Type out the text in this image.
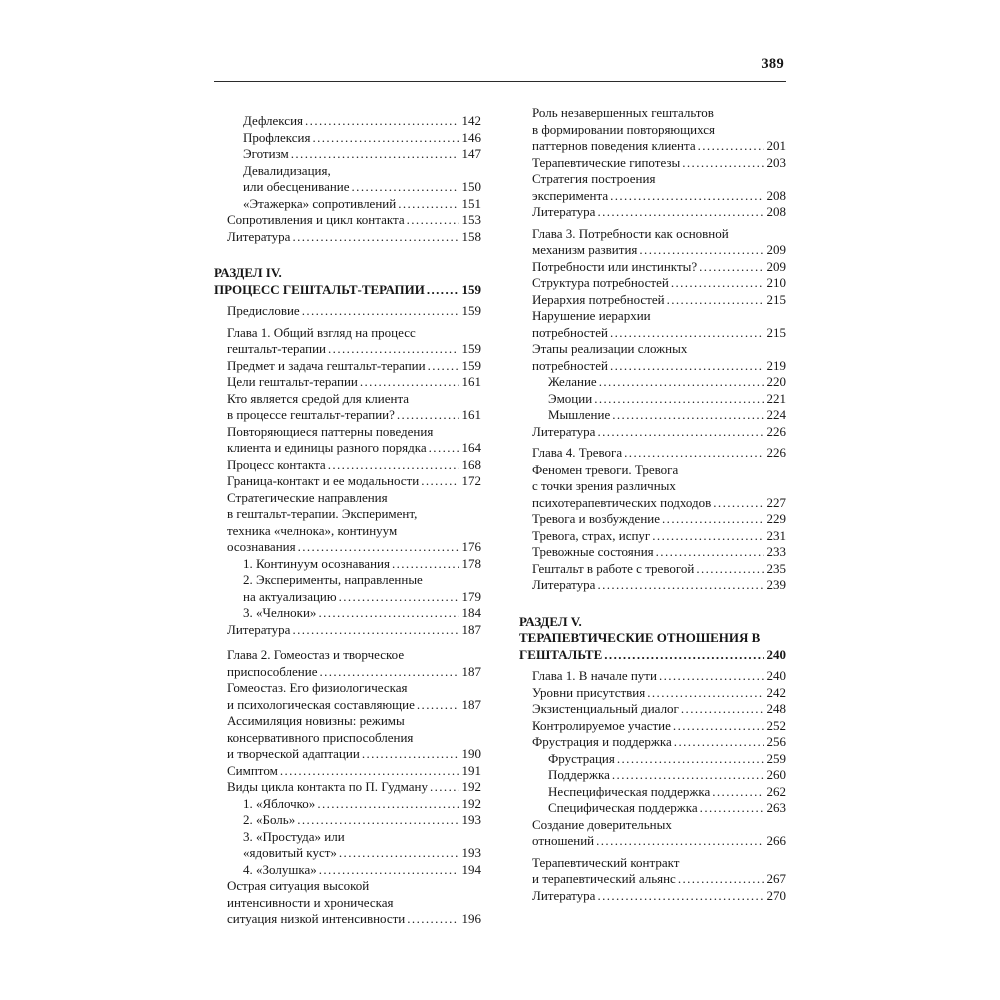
389
Дефлексия .....	142
Профлексия .....	146
Эготизм .....	147
Девалидизация,
или обесценивание .....	150
«Этажерка» сопротивлений .....	151
Сопротивления и цикл контакта .....	153
Литература .....	158
РАЗДЕЛ IV.
ПРОЦЕСС ГЕШТАЛЬТ-ТЕРАПИИ .....	159
Предисловие .....	159
Глава 1. Общий взгляд на процесс
гештальт-терапии .....	159
Предмет и задача гештальт-терапии .....	159
Цели гештальт-терапии .....	161
Кто является средой для клиента
в процессе гештальт-терапии? .....	161
Повторяющиеся паттерны поведения
клиента и единицы разного порядка .....	164
Процесс контакта .....	168
Граница-контакт и ее модальности .....	172
Стратегические направления
в гештальт-терапии. Эксперимент,
техника «челнока», континуум
осознавания .....	176
1. Континуум осознавания .....	178
2. Эксперименты, направленные
на актуализацию .....	179
3. «Челноки» .....	184
Литература .....	187
Глава 2. Гомеостаз и творческое
приспособление .....	187
Гомеостаз. Его физиологическая
и психологическая составляющие .....	187
Ассимиляция новизны: режимы
консервативного приспособления
и творческой адаптации .....	190
Симптом .....	191
Виды цикла контакта по П. Гудману .....	192
1. «Яблочко» .....	192
2. «Боль» .....	193
3. «Простуда» или
«ядовитый куст» .....	193
4. «Золушка» .....	194
Острая ситуация высокой
интенсивности и хроническая
ситуация низкой интенсивности .....	196
Роль незавершенных гештальтов
в формировании повторяющихся
паттернов поведения клиента .....	201
Терапевтические гипотезы .....	203
Стратегия построения
эксперимента .....	208
Литература .....	208
Глава 3. Потребности как основной
механизм развития .....	209
Потребности или инстинкты? .....	209
Структура потребностей .....	210
Иерархия потребностей .....	215
Нарушение иерархии
потребностей .....	215
Этапы реализации сложных
потребностей .....	219
Желание .....	220
Эмоции .....	221
Мышление .....	224
Литература .....	226
Глава 4. Тревога .....	226
Феномен тревоги. Тревога
с точки зрения различных
психотерапевтических подходов .....	227
Тревога и возбуждение .....	229
Тревога, страх, испуг .....	231
Тревожные состояния .....	233
Гештальт в работе с тревогой .....	235
Литература .....	239
РАЗДЕЛ V.
ТЕРАПЕВТИЧЕСКИЕ ОТНОШЕНИЯ В
ГЕШТАЛЬТЕ .....	240
Глава 1. В начале пути .....	240
Уровни присутствия .....	242
Экзистенциальный диалог .....	248
Контролируемое участие .....	252
Фрустрация и поддержка .....	256
Фрустрация .....	259
Поддержка .....	260
Неспецифическая поддержка .....	262
Специфическая поддержка .....	263
Создание доверительных
отношений .....	266
Терапевтический контракт
и терапевтический альянс .....	267
Литература .....	270
